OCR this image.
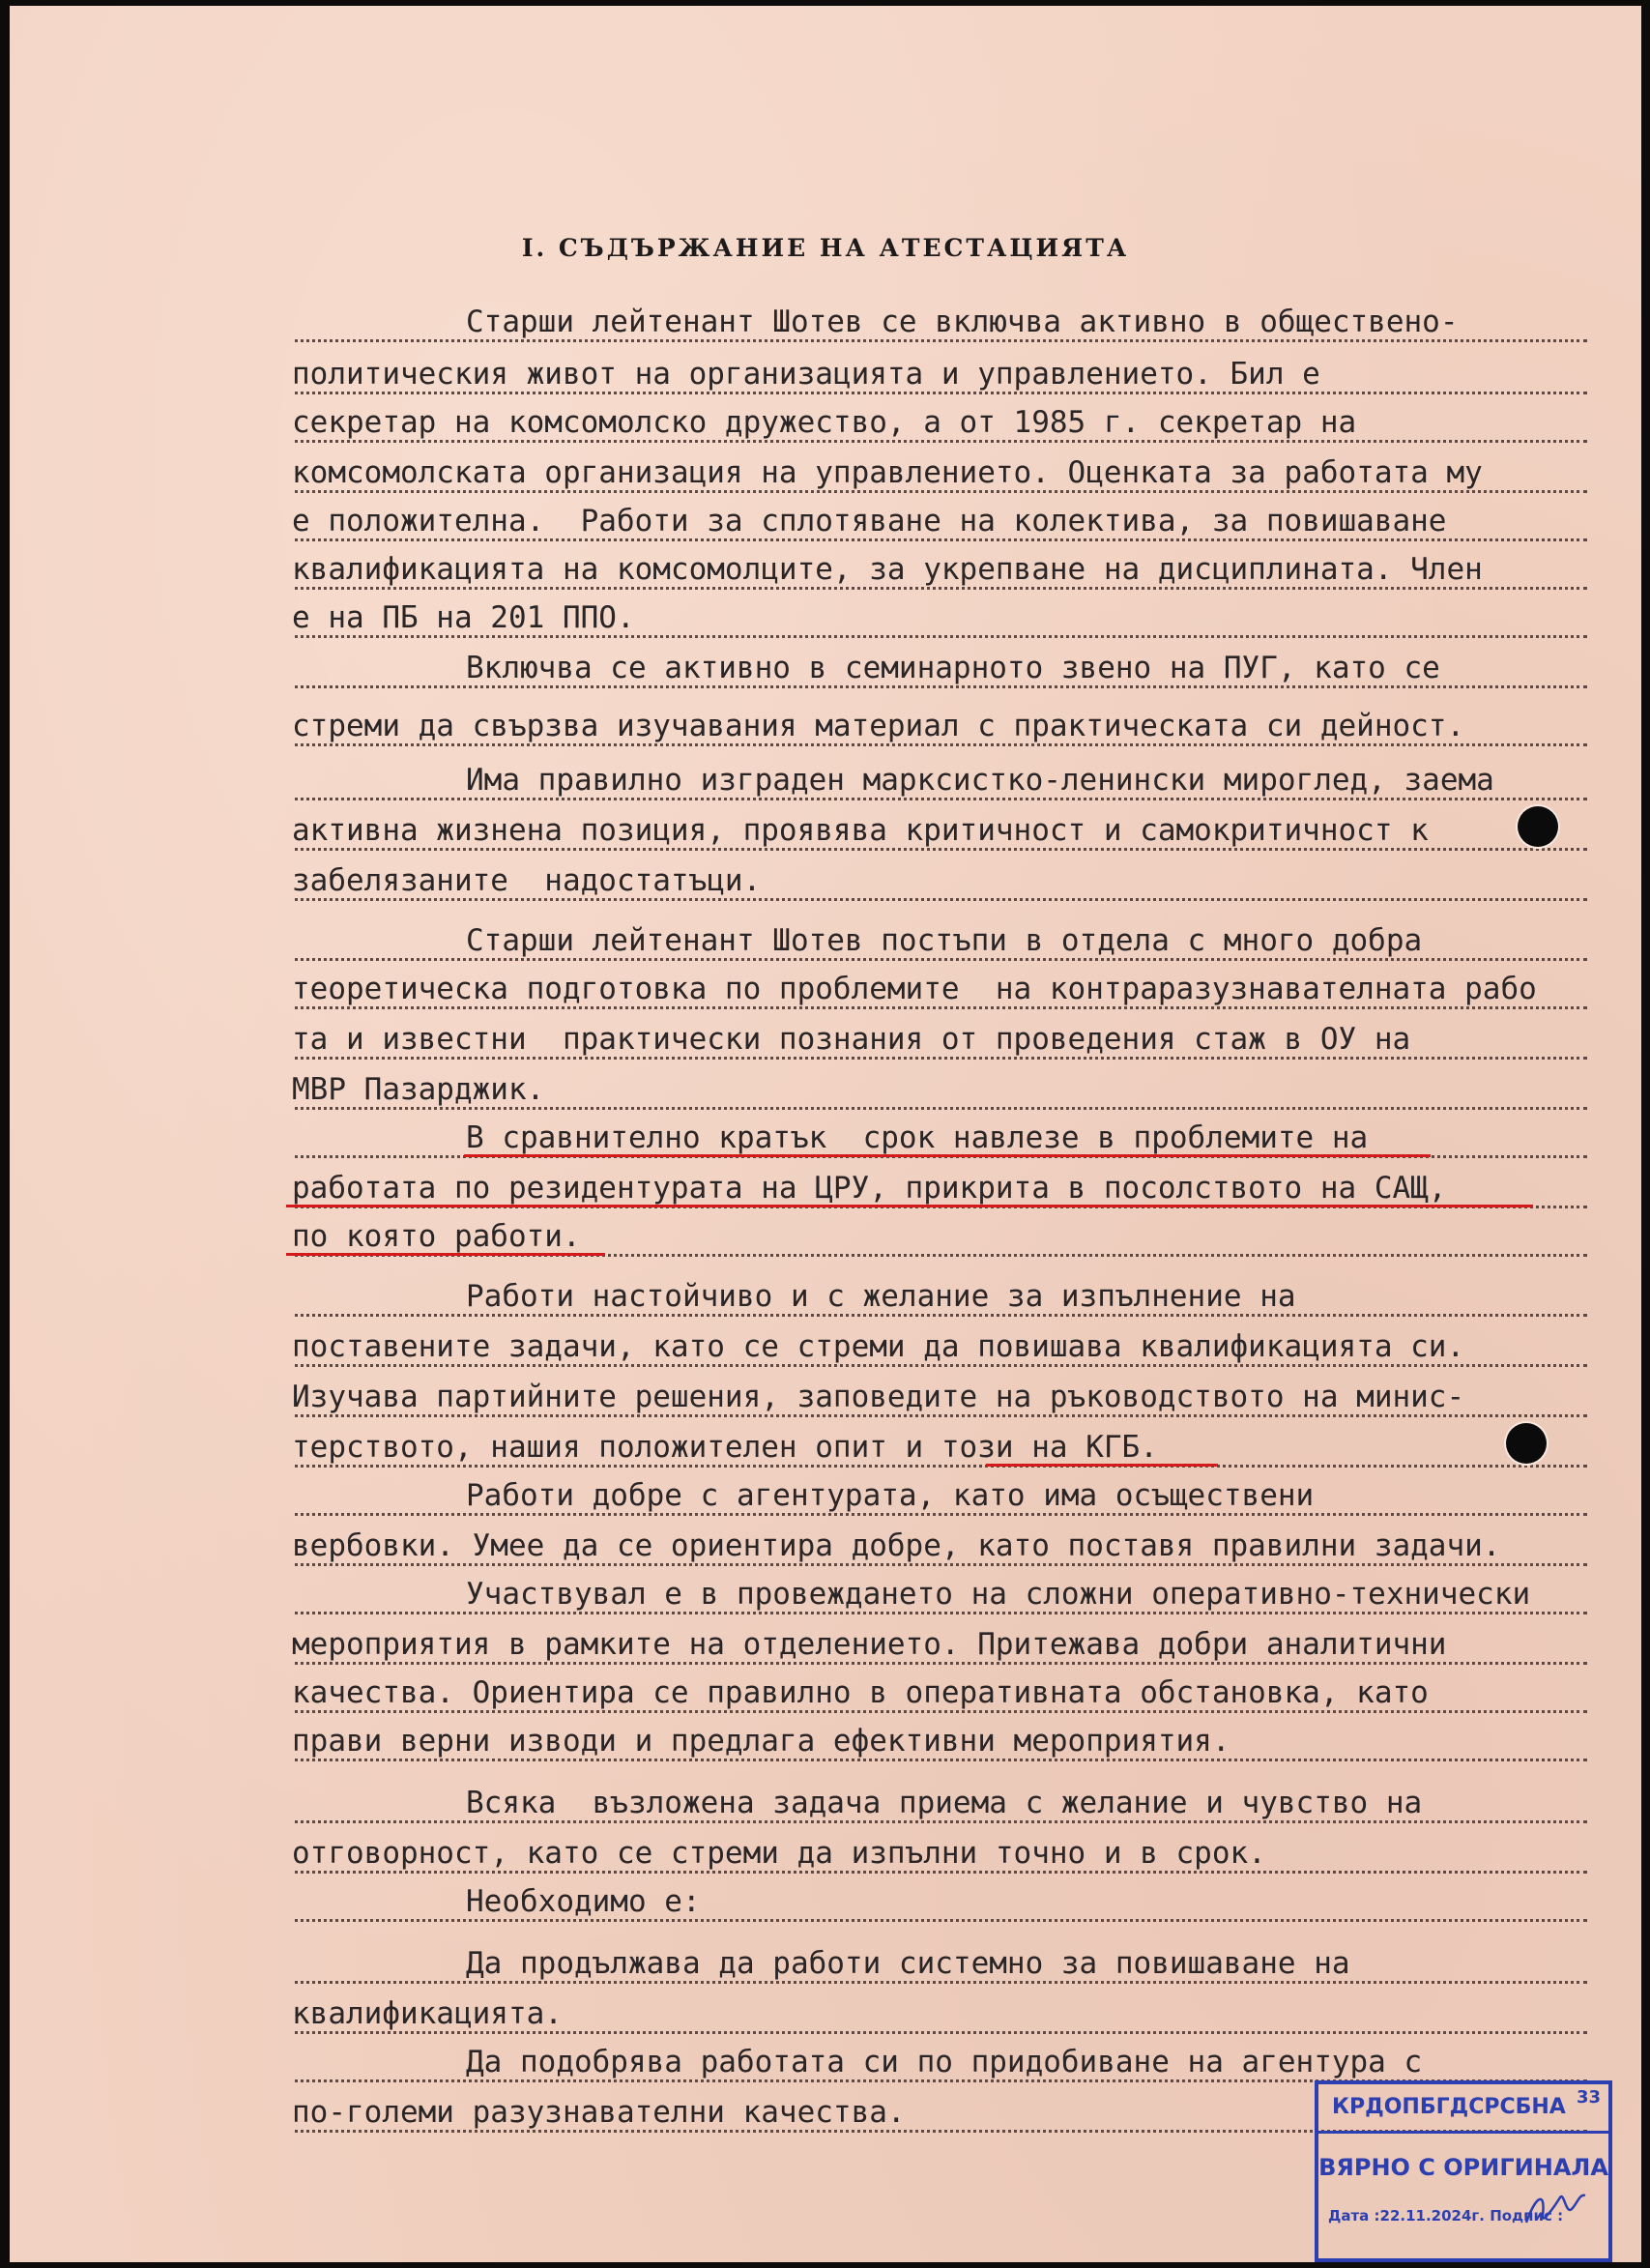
I. СЪДЪРЖАНИЕ НА АТЕСТАЦИЯТА
Старши лейтенант Шотев се включва активно в обществено-
политическия живот на организацията и управлението. Бил е
секретар на комсомолско дружество, а от 1985 г. секретар на
комсомолската организация на управлението. Оценката за работата му
е положителна.  Работи за сплотяване на колектива, за повишаване
квалификацията на комсомолците, за укрепване на дисциплината. Член
е на ПБ на 201 ППО.
Включва се активно в семинарното звено на ПУГ, като се
стреми да свързва изучавания материал с практическата си дейност.
Има правилно изграден марксистко-ленински мироглед, заема
активна жизнена позиция, проявява критичност и самокритичност к
забелязаните  надостатъци.
Старши лейтенант Шотев постъпи в отдела с много добра
теоретическа подготовка по проблемите  на контраразузнавателната рабо
та и известни  практически познания от проведения стаж в ОУ на
МВР Пазарджик.
В сравнително кратък  срок навлезе в проблемите на
работата по резидентурата на ЦРУ, прикрита в посолството на САЩ,
по която работи.
Работи настойчиво и с желание за изпълнение на
поставените задачи, като се стреми да повишава квалификацията си.
Изучава партийните решения, заповедите на ръководството на минис-
терството, нашия положителен опит и този на КГБ.
Работи добре с агентурата, като има осъществени
вербовки. Умее да се ориентира добре, като поставя правилни задачи.
Участвувал е в провеждането на сложни оперативно-технически
мероприятия в рамките на отделението. Притежава добри аналитични
качества. Ориентира се правилно в оперативната обстановка, като
прави верни изводи и предлага ефективни мероприятия.
Всяка  възложена задача приема с желание и чувство на
отговорност, като се стреми да изпълни точно и в срок.
Необходимо е:
Да продължава да работи системно за повишаване на
квалификацията.
Да подобрява работата си по придобиване на агентура с
по-големи разузнавателни качества.	КРДОПБГДСРСБНА 33
ВЯРНО С ОРИГИНАЛА
Дата :22.11.2024г. Подпис :
